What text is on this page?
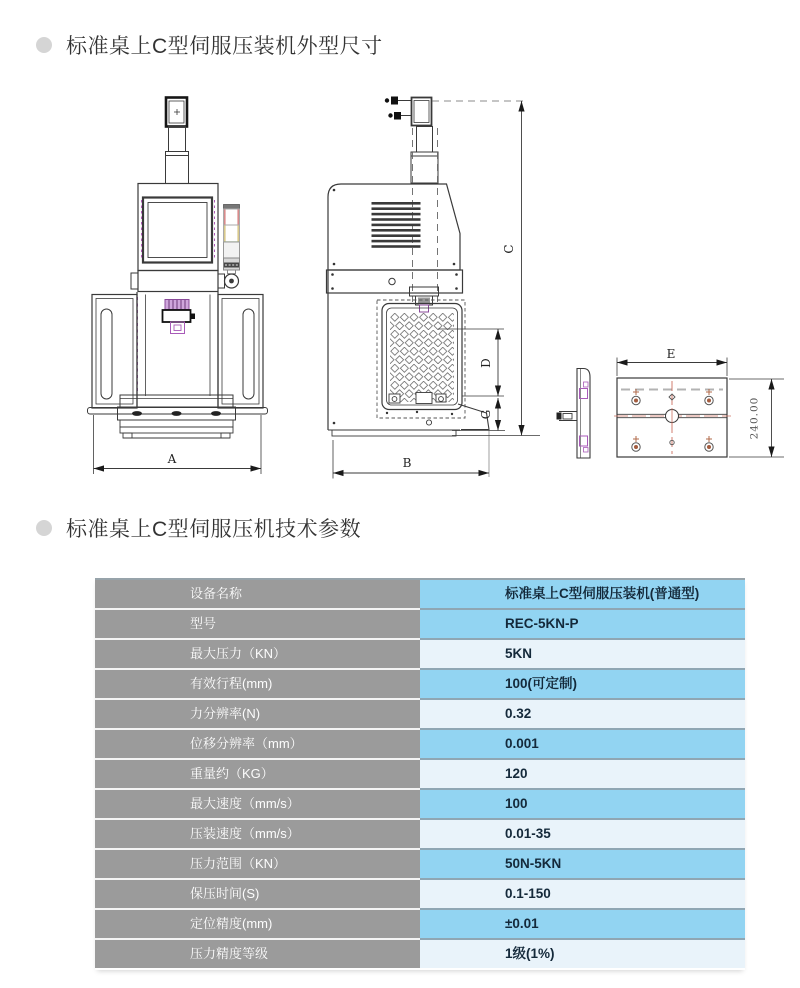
标准桌上C型伺服压装机外型尺寸
A
C
D
G
B
E
240.00
标准桌上C型伺服压机技术参数
设备名称	标准桌上C型伺服压装机(普通型)
型号	REC-5KN-P
最大压力（KN）	5KN
有效行程(mm)	100(可定制)
力分辨率(N)	0.32
位移分辨率（mm）	0.001
重量约（KG）	120
最大速度（mm/s）	100
压装速度（mm/s）	0.01-35
压力范围（KN）	50N-5KN
保压时间(S)	0.1-150
定位精度(mm)	±0.01
压力精度等级	1级(1%)
